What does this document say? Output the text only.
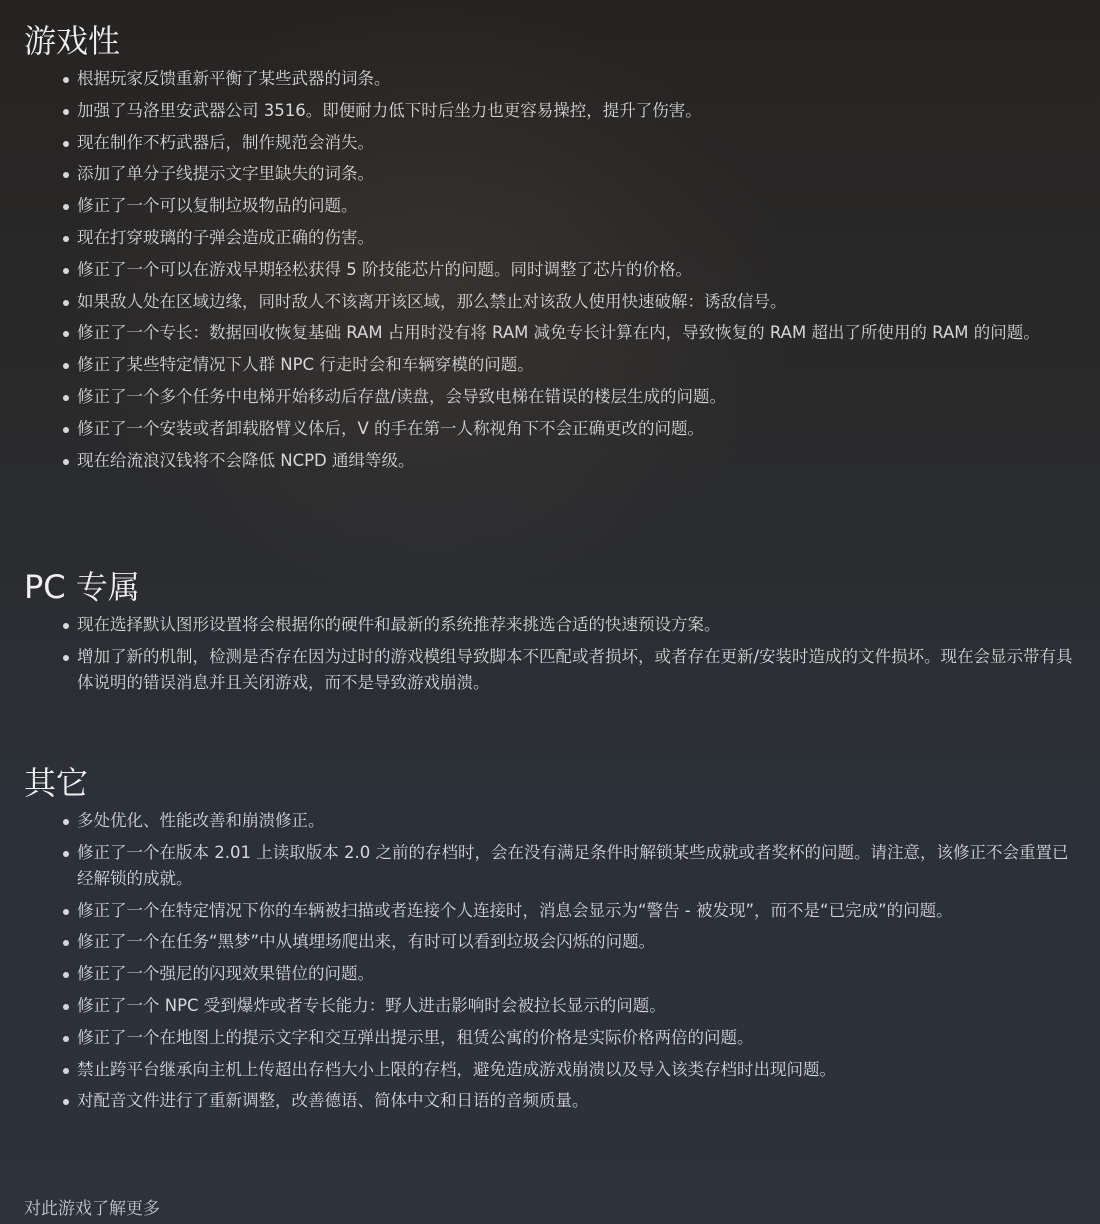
游戏性
根据玩家反馈重新平衡了某些武器的词条。
加强了马洛里安武器公司 3516。即便耐力低下时后坐力也更容易操控，提升了伤害。
现在制作不朽武器后，制作规范会消失。
添加了单分子线提示文字里缺失的词条。
修正了一个可以复制垃圾物品的问题。
现在打穿玻璃的子弹会造成正确的伤害。
修正了一个可以在游戏早期轻松获得 5 阶技能芯片的问题。同时调整了芯片的价格。
如果敌人处在区域边缘，同时敌人不该离开该区域，那么禁止对该敌人使用快速破解：诱敌信号。
修正了一个专长：数据回收恢复基础 RAM 占用时没有将 RAM 减免专长计算在内，导致恢复的 RAM 超出了所使用的 RAM 的问题。
修正了某些特定情况下人群 NPC 行走时会和车辆穿模的问题。
修正了一个多个任务中电梯开始移动后存盘/读盘，会导致电梯在错误的楼层生成的问题。
修正了一个安装或者卸载胳臂义体后，V 的手在第一人称视角下不会正确更改的问题。
现在给流浪汉钱将不会降低 NCPD 通缉等级。
PC 专属
现在选择默认图形设置将会根据你的硬件和最新的系统推荐来挑选合适的快速预设方案。
增加了新的机制，检测是否存在因为过时的游戏模组导致脚本不匹配或者损坏，或者存在更新/安装时造成的文件损坏。现在会显示带有具体说明的错误消息并且关闭游戏，而不是导致游戏崩溃。
其它
多处优化、性能改善和崩溃修正。
修正了一个在版本 2.01 上读取版本 2.0 之前的存档时，会在没有满足条件时解锁某些成就或者奖杯的问题。请注意，该修正不会重置已经解锁的成就。
修正了一个在特定情况下你的车辆被扫描或者连接个人连接时，消息会显示为“警告 - 被发现”，而不是“已完成”的问题。
修正了一个在任务“黑梦”中从填埋场爬出来，有时可以看到垃圾会闪烁的问题。
修正了一个强尼的闪现效果错位的问题。
修正了一个 NPC 受到爆炸或者专长能力：野人进击影响时会被拉长显示的问题。
修正了一个在地图上的提示文字和交互弹出提示里，租赁公寓的价格是实际价格两倍的问题。
禁止跨平台继承向主机上传超出存档大小上限的存档，避免造成游戏崩溃以及导入该类存档时出现问题。
对配音文件进行了重新调整，改善德语、简体中文和日语的音频质量。
对此游戏了解更多
